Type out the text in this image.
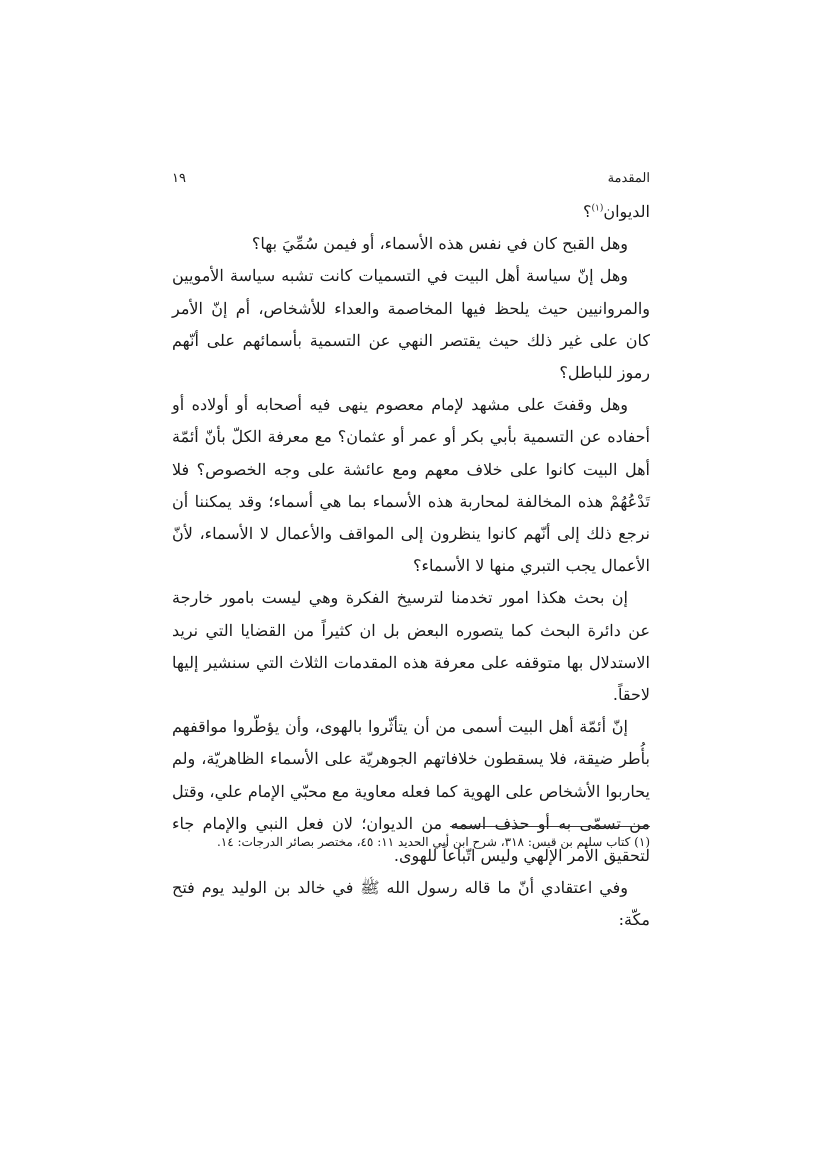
المقدمة
١٩

الديوان$^{(١)}$؟

وهل القبح كان في نفس هذه الأسماء، أو فيمن سُمِّيَ بها؟

وهل إنّ سياسة أهل البيت في التسميات كانت تشبه سياسة الأمويين والمروانيين حيث يلحظ فيها المخاصمة والعداء للأشخاص، أم إنّ الأمر كان على غير ذلك حيث يقتصر النهي عن التسمية بأسمائهم على أنّهم رموز للباطل؟

وهل وقفتَ على مشهد لإمام معصوم ينهى فيه أصحابه أو أولاده أو أحفاده عن التسمية بأبي بكر أو عمر أو عثمان؟ مع معرفة الكلّ بأنّ أئمّة أهل البيت كانوا على خلاف معهم ومع عائشة على وجه الخصوص؟ فلا تَدْعُهُمْ هذه المخالفة لمحاربة هذه الأسماء بما هي أسماء؛ وقد يمكننا أن نرجع ذلك إلى أنّهم كانوا ينظرون إلى المواقف والأعمال لا الأسماء، لأنّ الأعمال يجب التبري منها لا الأسماء؟

إن بحث هكذا امور تخدمنا لترسيخ الفكرة وهي ليست بامور خارجة عن دائرة البحث كما يتصوره البعض بل ان كثيراً من القضايا التي نريد الاستدلال بها متوقفه على معرفة هذه المقدمات الثلاث التي سنشير إليها لاحقاً.

إنّ أئمّة أهل البيت أسمى من أن يتأثّروا بالهوى، وأن يؤطّروا مواقفهم بأُطر ضيقة، فلا يسقطون خلافاتهم الجوهريّة على الأسماء الظاهريّة، ولم يحاربوا الأشخاص على الهوية كما فعله معاوية مع محبّي الإمام علي، وقتل من تسمّى به أو حذف اسمه من الديوان؛ لان فعل النبي والإمام جاء لتحقيق الأمر الإلهي وليس اتّباعاً للهوى.

وفي اعتقادي أنّ ما قاله رسول الله ﷺ في خالد بن الوليد يوم فتح مكّة:

(١) كتاب سليم بن قيس: ٣١٨، شرح ابن أبي الحديد ١١: ٤٥، مختصر بصائر الدرجات: ١٤.
